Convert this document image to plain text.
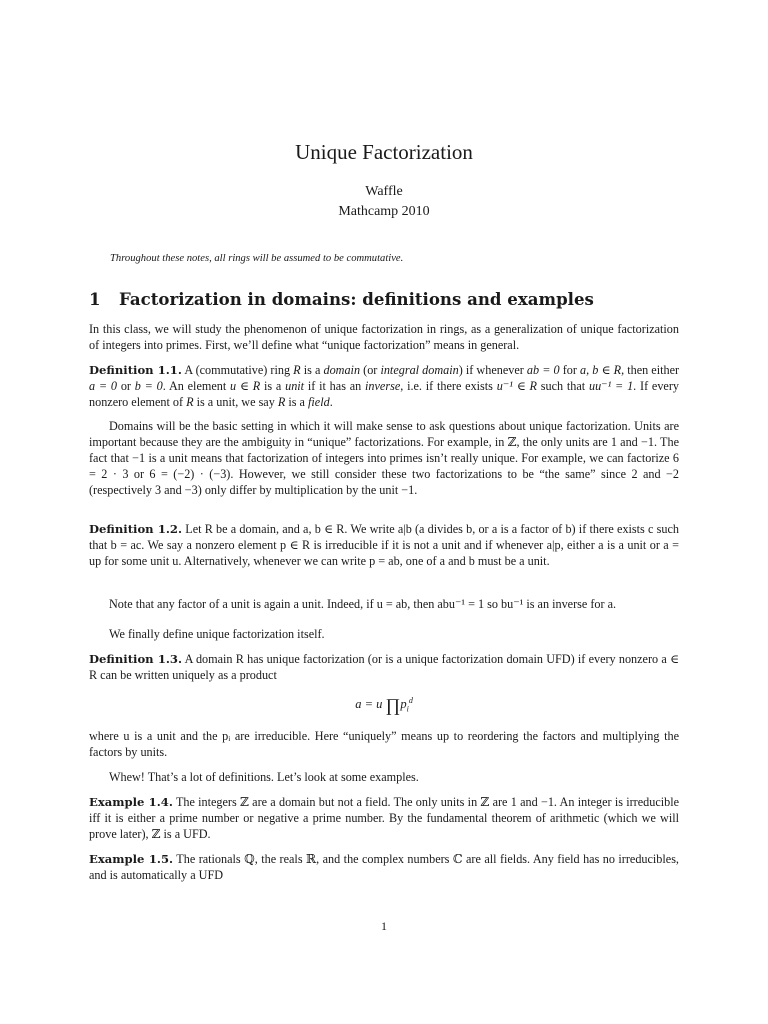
Unique Factorization
Waffle
Mathcamp 2010
Throughout these notes, all rings will be assumed to be commutative.
1 Factorization in domains: definitions and examples

In this class, we will study the phenomenon of unique factorization in rings, as a generalization of unique factorization of integers into primes. First, we’ll define what “unique factorization” means in general.

Definition 1.1. A (commutative) ring R is a domain (or integral domain) if whenever ab = 0 for a, b ∈ R, then either a = 0 or b = 0. An element u ∈ R is a unit if it has an inverse, i.e. if there exists u⁻¹ ∈ R such that uu⁻¹ = 1. If every nonzero element of R is a unit, we say R is a field.

Domains will be the basic setting in which it will make sense to ask questions about unique factorization. Units are important because they are the ambiguity in “unique” factorizations. For example, in ℤ, the only units are 1 and −1. The fact that −1 is a unit means that factorization of integers into primes isn’t really unique. For example, we can factorize 6 = 2 · 3 or 6 = (−2) · (−3). However, we still consider these two factorizations to be “the same” since 2 and −2 (respectively 3 and −3) only differ by multiplication by the unit −1.

Definition 1.2. Let R be a domain, and a, b ∈ R. We write a|b (a divides b, or a is a factor of b) if there exists c such that b = ac. We say a nonzero element p ∈ R is irreducible if it is not a unit and if whenever a|p, either a is a unit or a = up for some unit u. Alternatively, whenever we can write p = ab, one of a and b must be a unit.

Note that any factor of a unit is again a unit. Indeed, if u = ab, then abu⁻¹ = 1 so bu⁻¹ is an inverse for a.

We finally define unique factorization itself.

Definition 1.3. A domain R has unique factorization (or is a unique factorization domain UFD) if every nonzero a ∈ R can be written uniquely as a product

a = u $\prod p_i^d$

where u is a unit and the pᵢ are irreducible. Here “uniquely” means up to reordering the factors and multiplying the factors by units.

Whew! That’s a lot of definitions. Let’s look at some examples.

Example 1.4. The integers ℤ are a domain but not a field. The only units in ℤ are 1 and −1. An integer is irreducible iff it is either a prime number or negative a prime number. By the fundamental theorem of arithmetic (which we will prove later), ℤ is a UFD.

Example 1.5. The rationals ℚ, the reals ℝ, and the complex numbers ℂ are all fields. Any field has no irreducibles, and is automatically a UFD

1
